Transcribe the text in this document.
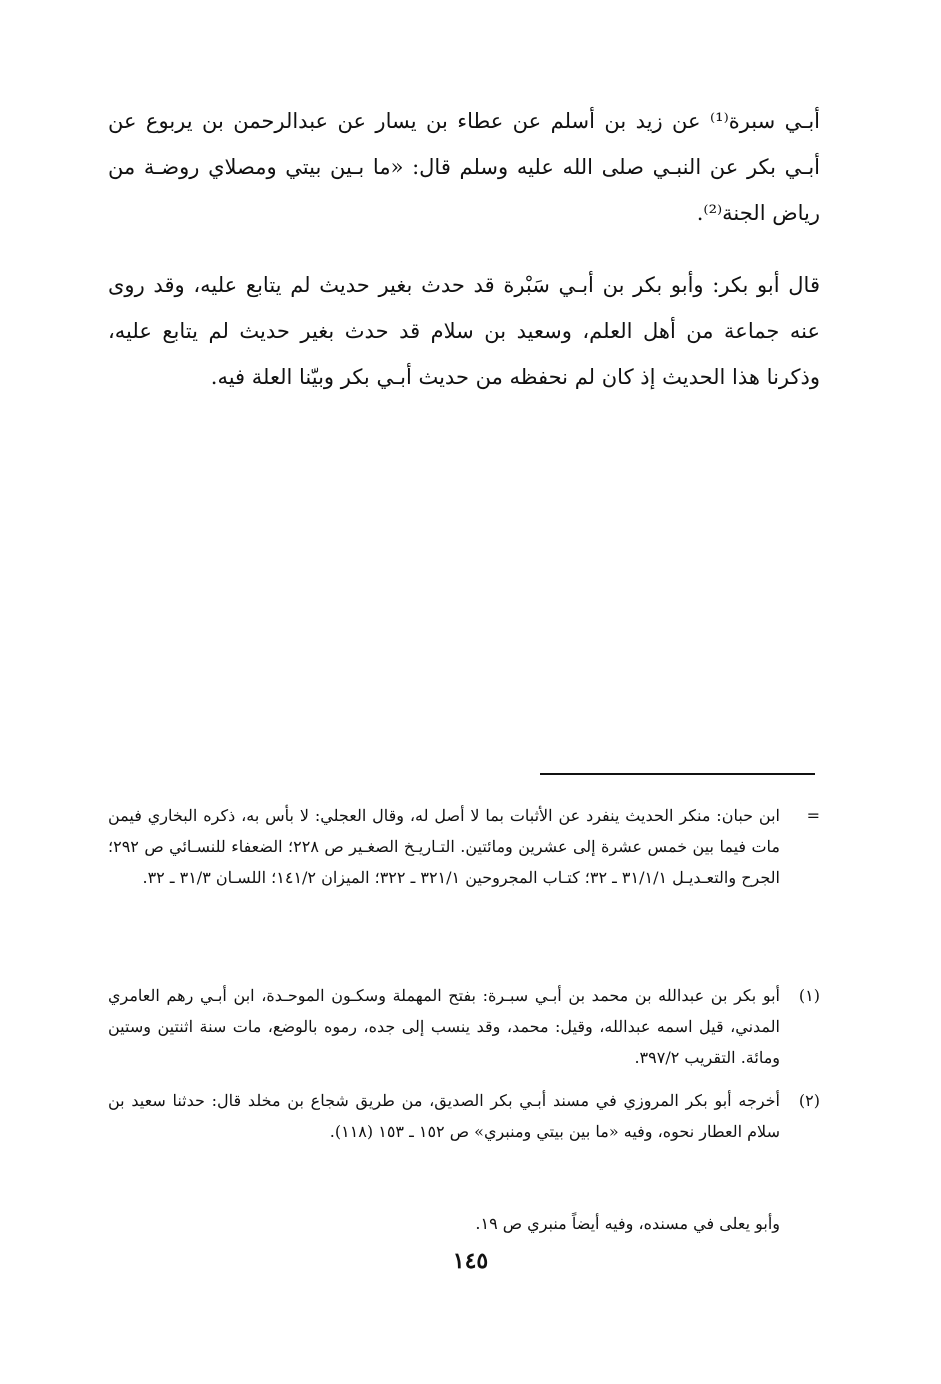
أبـي سبرة⁽¹⁾ عن زيد بن أسلم عن عطاء بن يسار عن عبدالرحمن بن يربوع عن أبـي بكر عن النبـي صلى الله عليه وسلم قال: «ما بـين بيتي ومصلاي روضـة من رياض الجنة⁽²⁾.

قال أبو بكر: وأبو بكر بن أبـي سَبْرة قد حدث بغير حديث لم يتابع عليه، وقد روى عنه جماعة من أهل العلم، وسعيد بن سلام قد حدث بغير حديث لم يتابع عليه، وذكرنا هذا الحديث إذ كان لم نحفظه من حديث أبـي بكر وبيّنا العلة فيه.

=

ابن حبان: منكر الحديث ينفرد عن الأثبات بما لا أصل له، وقال العجلي: لا بأس به، ذكره البخاري فيمن مات فيما بين خمس عشرة إلى عشرين ومائتين. التـاريـخ الصغـير ص ٢٢٨؛ الضعفاء للنسـائي ص ٢٩٢؛ الجرح والتعـديـل ٣١/١/١ ـ ٣٢؛ كتـاب المجروحين ٣٢١/١ ـ ٣٢٢؛ الميزان ١٤١/٢؛ اللسـان ٣١/٣ ـ ٣٢.

(١)

أبو بكر بن عبدالله بن محمد بن أبـي سبـرة: بفتح المهملة وسكـون الموحـدة، ابن أبـي رهم العامري المدني، قيل اسمه عبدالله، وقيل: محمد، وقد ينسب إلى جده، رموه بالوضع، مات سنة اثنتين وستين ومائة. التقريب ٣٩٧/٢.

(٢)

أخرجه أبو بكر المروزي في مسند أبـي بكر الصديق، من طريق شجاع بن مخلد قال: حدثنا سعيد بن سلام العطار نحوه، وفيه «ما بين بيتي ومنبري» ص ١٥٢ ـ ١٥٣ (١١٨).

وأبو يعلى في مسنده، وفيه أيضاً منبري ص ١٩.

١٤٥
